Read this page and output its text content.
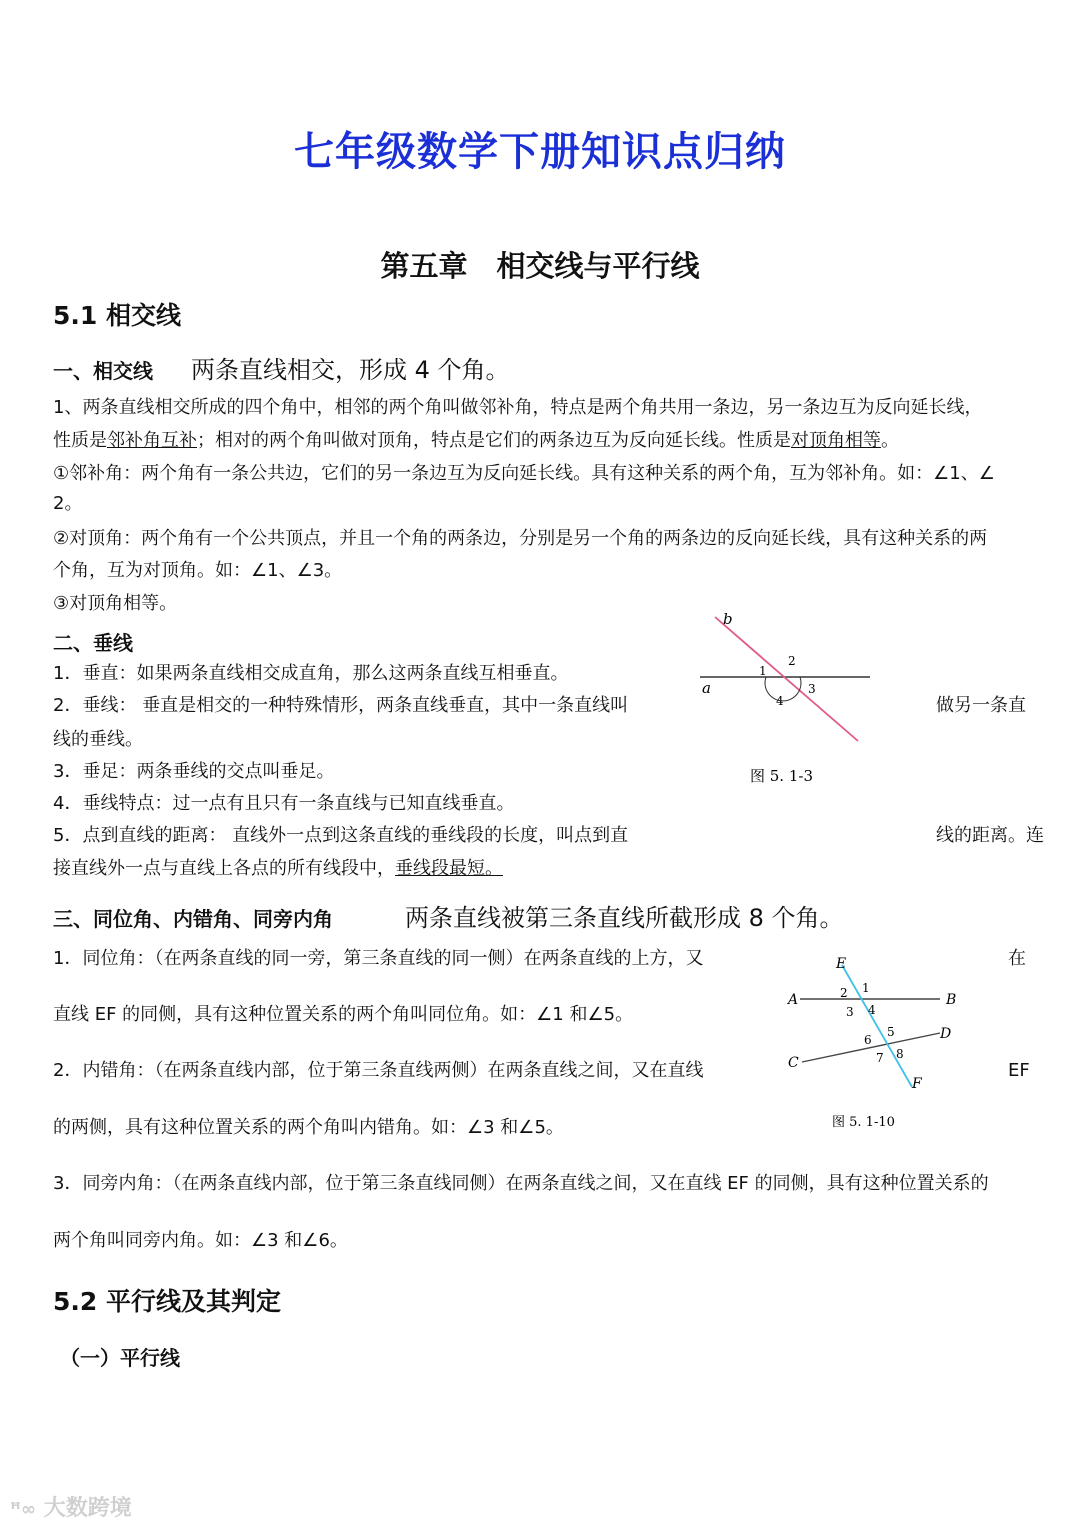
七年级数学下册知识点归纳
第五章　相交线与平行线
5.1 相交线
一、相交线 两条直线相交，形成 4 个角。
1、两条直线相交所成的四个角中，相邻的两个角叫做邻补角，特点是两个角共用一条边，另一条边互为反向延长线，
性质是邻补角互补；相对的两个角叫做对顶角，特点是它们的两条边互为反向延长线。性质是对顶角相等。
①邻补角：两个角有一条公共边，它们的另一条边互为反向延长线。具有这种关系的两个角，互为邻补角。如：∠1、∠
2。
②对顶角：两个角有一个公共顶点，并且一个角的两条边，分别是另一个角的两条边的反向延长线，具有这种关系的两
个角，互为对顶角。如：∠1、∠3。
③对顶角相等。
二、垂线
1．垂直：如果两条直线相交成直角，那么这两条直线互相垂直。
2．垂线： 垂直是相交的一种特殊情形，两条直线垂直，其中一条直线叫	做另一条直
线的垂线。
3．垂足：两条垂线的交点叫垂足。
4．垂线特点：过一点有且只有一条直线与已知直线垂直。
5．点到直线的距离： 直线外一点到这条直线的垂线段的长度，叫点到直	线的距离。连
接直线外一点与直线上各点的所有线段中，垂线段最短。
b
a
1
2
3
4
图 5. 1-3
三、同位角、内错角、同旁内角	两条直线被第三条直线所截形成 8 个角。
1．同位角：（在两条直线的同一旁，第三条直线的同一侧）在两条直线的上方，又	在
直线 EF 的同侧，具有这种位置关系的两个角叫同位角。如：∠1 和∠5。
2．内错角：（在两条直线内部，位于第三条直线两侧）在两条直线之间，又在直线	EF
的两侧，具有这种位置关系的两个角叫内错角。如：∠3 和∠5。
3．同旁内角：（在两条直线内部，位于第三条直线同侧）在两条直线之间，又在直线 EF 的同侧，具有这种位置关系的
两个角叫同旁内角。如：∠3 和∠6。
E
A	B
C
D
F
1
2
3 4
5
6
7 8
图 5. 1-10
5.2 平行线及其判定
（一）平行线
ꟸ∞ 大数跨境
